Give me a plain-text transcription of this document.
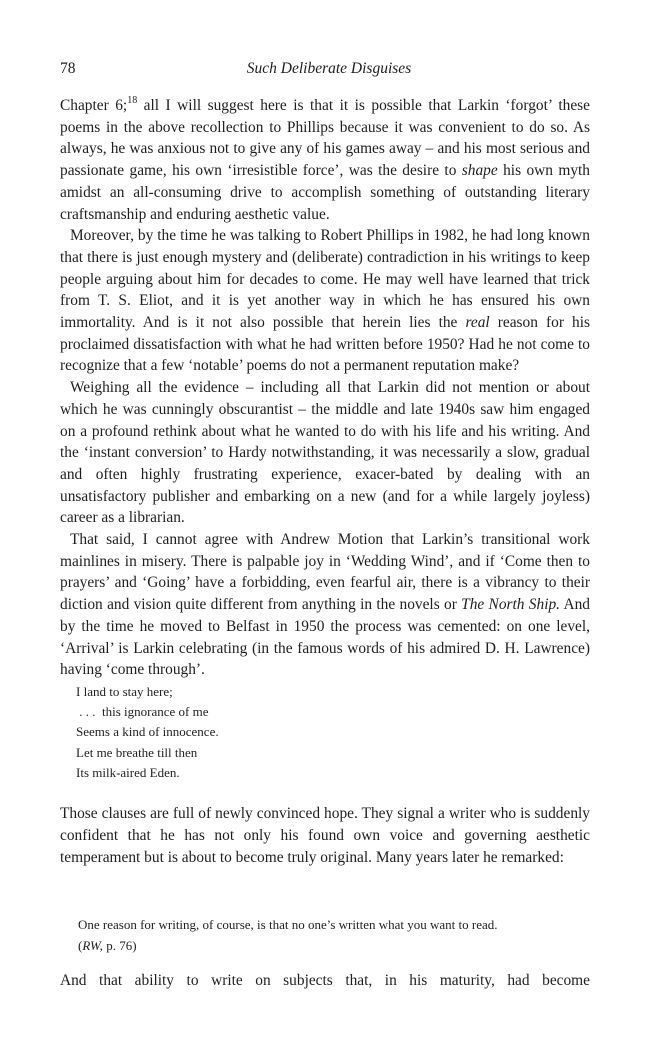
78	Such Deliberate Disguises

Chapter 6;$^{18}$ all I will suggest here is that it is possible that Larkin ‘forgot’ these poems in the above recollection to Phillips because it was convenient to do so. As always, he was anxious not to give any of his games away – and his most serious and passionate game, his own ‘irresistible force’, was the desire to shape his own myth amidst an all-consuming drive to accomplish something of outstanding literary craftsmanship and enduring aesthetic value.

Moreover, by the time he was talking to Robert Phillips in 1982, he had long known that there is just enough mystery and (deliberate) contradiction in his writings to keep people arguing about him for decades to come. He may well have learned that trick from T. S. Eliot, and it is yet another way in which he has ensured his own immortality. And is it not also possible that herein lies the real reason for his proclaimed dissatisfaction with what he had written before 1950? Had he not come to recognize that a few ‘notable’ poems do not a permanent reputation make?

Weighing all the evidence – including all that Larkin did not mention or about which he was cunningly obscurantist – the middle and late 1940s saw him engaged on a profound rethink about what he wanted to do with his life and his writing. And the ‘instant conversion’ to Hardy notwithstanding, it was necessarily a slow, gradual and often highly frustrating experience, exacer-bated by dealing with an unsatisfactory publisher and embarking on a new (and for a while largely joyless) career as a librarian.

That said, I cannot agree with Andrew Motion that Larkin’s transitional work mainlines in misery. There is palpable joy in ‘Wedding Wind’, and if ‘Come then to prayers’ and ‘Going’ have a forbidding, even fearful air, there is a vibrancy to their diction and vision quite different from anything in the novels or The North Ship. And by the time he moved to Belfast in 1950 the process was cemented: on one level, ‘Arrival’ is Larkin celebrating (in the famous words of his admired D. H. Lawrence) having ‘come through’.

I land to stay here;
. . .  this ignorance of me
Seems a kind of innocence.
Let me breathe till then
Its milk-aired Eden.

Those clauses are full of newly convinced hope. They signal a writer who is suddenly confident that he has not only his found own voice and governing aesthetic temperament but is about to become truly original. Many years later he remarked:

One reason for writing, of course, is that no one’s written what you want to read.
(RW, p. 76)
And that ability to write on subjects that, in his maturity, had become
